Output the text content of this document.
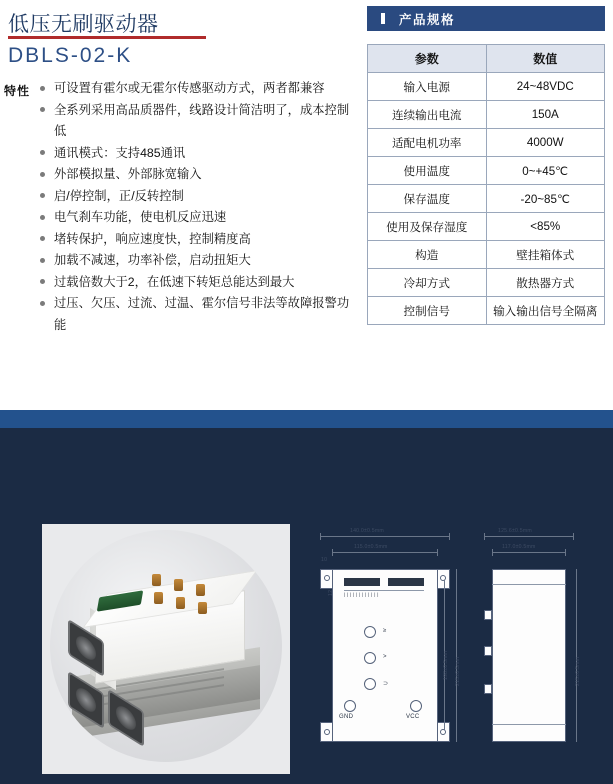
低压无刷驱动器
DBLS-02-K
特性	可设置有霍尔或无霍尔传感驱动方式，两者都兼容
全系列采用高品质器件，线路设计简洁明了，成本控制低
通讯模式：支持485通讯
外部模拟量、外部脉宽输入
启/停控制，正/反转控制
电气刹车功能，使电机反应迅速
堵转保护，响应速度快，控制精度高
加载不减速，功率补偿，启动扭矩大
过载倍数大于2，在低速下转矩总能达到最大
过压、欠压、过流、过温、霍尔信号非法等故障报警功能
产品规格
参数	数值
输入电源	24~48VDC
连续输出电流	150A
适配电机功率	4000W
使用温度	0~+45℃
保存温度	-20~85℃
使用及保存湿度	<85%
构造	壁挂箱体式
冷却方式	散热器方式
控制信号	输入输出信号全隔离
140.0±0.5mm
115.0±0.5mm
10
| | | | | | | | | | | |
≥
>
⊃
GND	VCC
215±0.5mm
198±0.5mm
12
125.6±0.5mm
117.0±0.5mm
215±0.5mm
